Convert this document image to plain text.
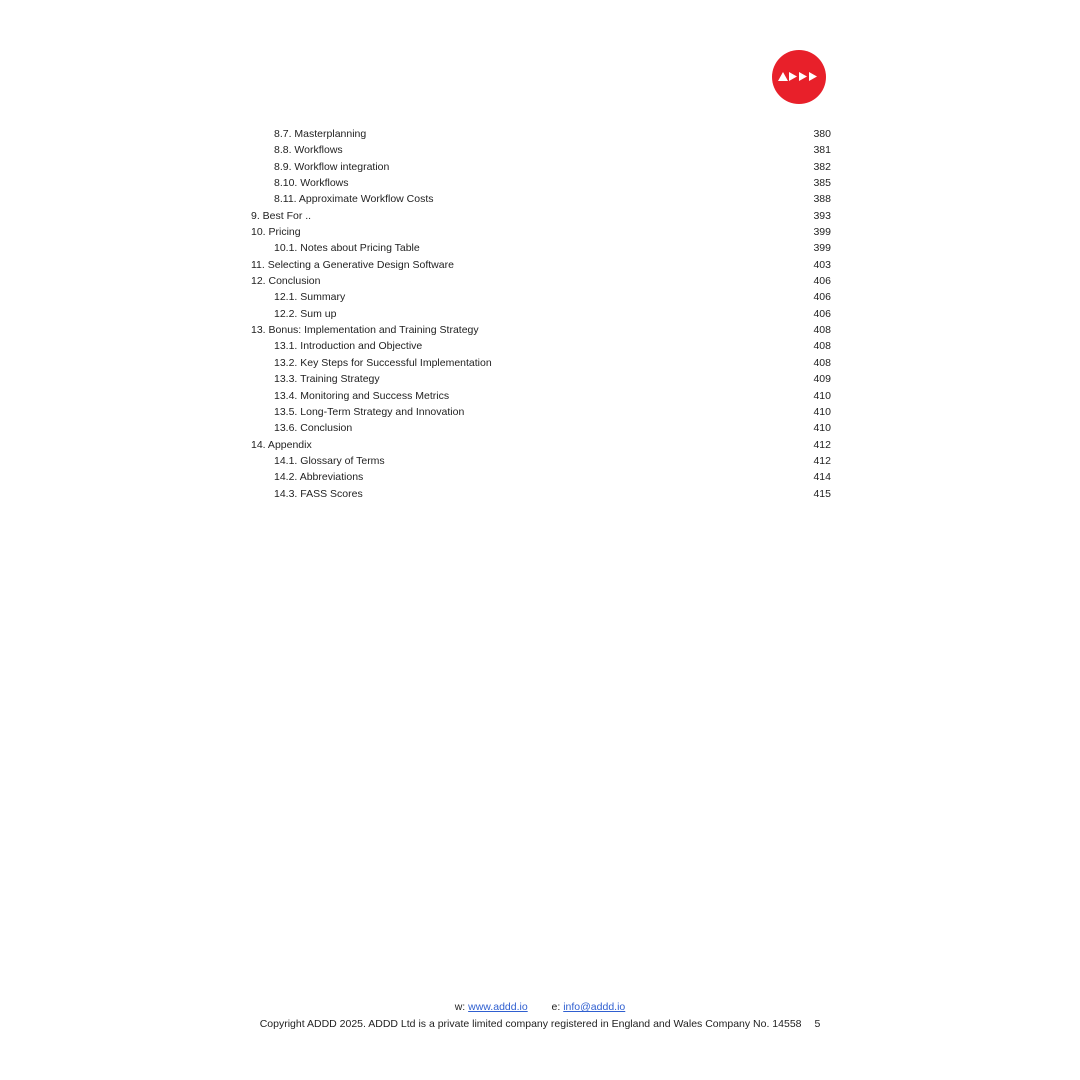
8.7. Masterplanning	380
8.8. Workflows	381
8.9. Workflow integration	382
8.10. Workflows	385
8.11. Approximate Workflow Costs	388
9. Best For ..	393
10. Pricing	399
10.1. Notes about Pricing Table	399
11. Selecting a Generative Design Software	403
12. Conclusion	406
12.1. Summary	406
12.2. Sum up	406
13. Bonus: Implementation and Training Strategy	408
13.1. Introduction and Objective	408
13.2. Key Steps for Successful Implementation	408
13.3. Training Strategy	409
13.4. Monitoring and Success Metrics	410
13.5. Long-Term Strategy and Innovation	410
13.6. Conclusion	410
14. Appendix	412
14.1. Glossary of Terms	412
14.2. Abbreviations	414
14.3. FASS Scores	415
w: www.addd.io e: info@addd.io
Copyright ADDD 2025. ADDD Ltd is a private limited company registered in England and Wales Company No. 14558 5
